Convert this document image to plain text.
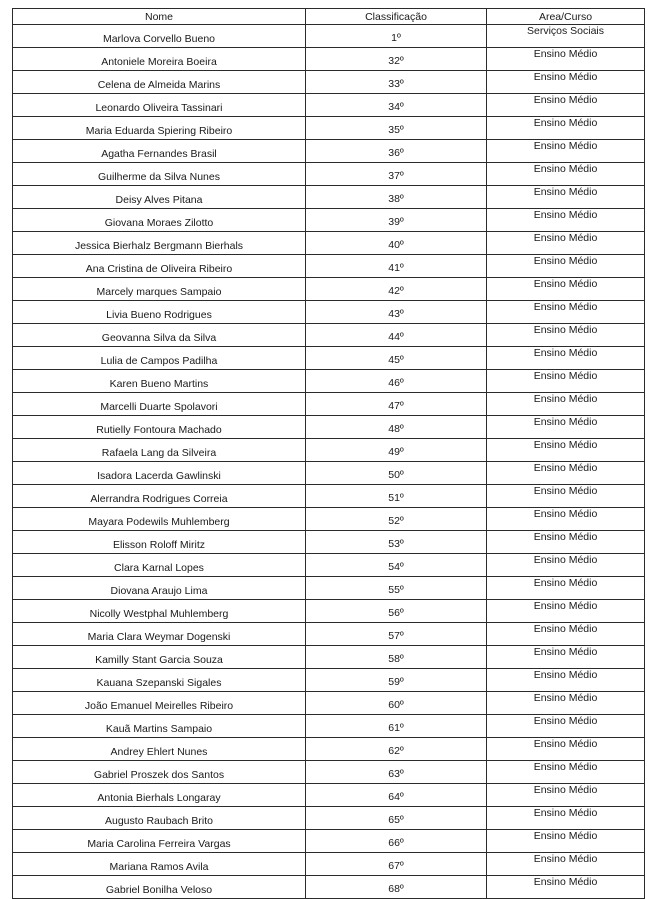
Nome	Classificação	Area/Curso
Marlova Corvello Bueno	1º	Serviços Sociais
Antoniele Moreira Boeira	32º	Ensino Médio
Celena de Almeida Marins	33º	Ensino Médio
Leonardo Oliveira Tassinari	34º	Ensino Médio
Maria Eduarda Spiering Ribeiro	35º	Ensino Médio
Agatha Fernandes Brasil	36º	Ensino Médio
Guilherme da Silva Nunes	37º	Ensino Médio
Deisy Alves Pitana	38º	Ensino Médio
Giovana Moraes Zilotto	39º	Ensino Médio
Jessica Bierhalz Bergmann Bierhals	40º	Ensino Médio
Ana Cristina de Oliveira Ribeiro	41º	Ensino Médio
Marcely marques Sampaio	42º	Ensino Médio
Livia Bueno Rodrigues	43º	Ensino Médio
Geovanna Silva da Silva	44º	Ensino Médio
Lulia de Campos Padilha	45º	Ensino Médio
Karen Bueno Martins	46º	Ensino Médio
Marcelli Duarte Spolavori	47º	Ensino Médio
Rutielly Fontoura Machado	48º	Ensino Médio
Rafaela Lang da Silveira	49º	Ensino Médio
Isadora Lacerda Gawlinski	50º	Ensino Médio
Alerrandra Rodrigues Correia	51º	Ensino Médio
Mayara Podewils Muhlemberg	52º	Ensino Médio
Elisson Roloff Miritz	53º	Ensino Médio
Clara Karnal Lopes	54º	Ensino Médio
Diovana Araujo Lima	55º	Ensino Médio
Nicolly Westphal Muhlemberg	56º	Ensino Médio
Maria Clara Weymar Dogenski	57º	Ensino Médio
Kamilly Stant Garcia Souza	58º	Ensino Médio
Kauana Szepanski Sigales	59º	Ensino Médio
João Emanuel Meirelles Ribeiro	60º	Ensino Médio
Kauã Martins Sampaio	61º	Ensino Médio
Andrey Ehlert Nunes	62º	Ensino Médio
Gabriel Proszek dos Santos	63º	Ensino Médio
Antonia Bierhals Longaray	64º	Ensino Médio
Augusto Raubach Brito	65º	Ensino Médio
Maria Carolina Ferreira Vargas	66º	Ensino Médio
Mariana Ramos Avila	67º	Ensino Médio
Gabriel Bonilha Veloso	68º	Ensino Médio
